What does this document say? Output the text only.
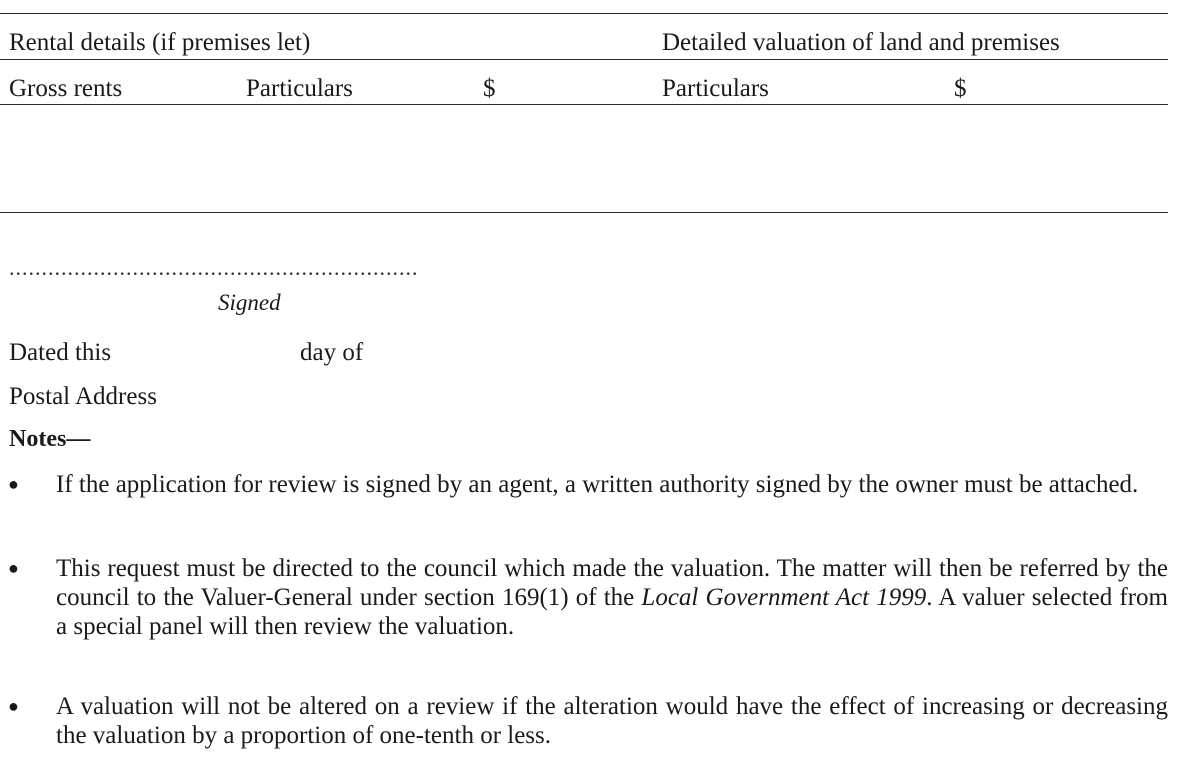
Rental details (if premises let)	Detailed valuation of land and premises
Gross rents	Particulars	$	Particulars	$
...............................................................
Signed
Dated this	day of
Postal Address
Notes—
● If the application for review is signed by an agent, a written authority signed by the owner must be attached.
● This request must be directed to the council which made the valuation. The matter will then be referred by the council to the Valuer-General under section 169(1) of the Local Government Act 1999. A valuer selected from a special panel will then review the valuation.
● A valuation will not be altered on a review if the alteration would have the effect of increasing or decreasing the valuation by a proportion of one-tenth or less.
